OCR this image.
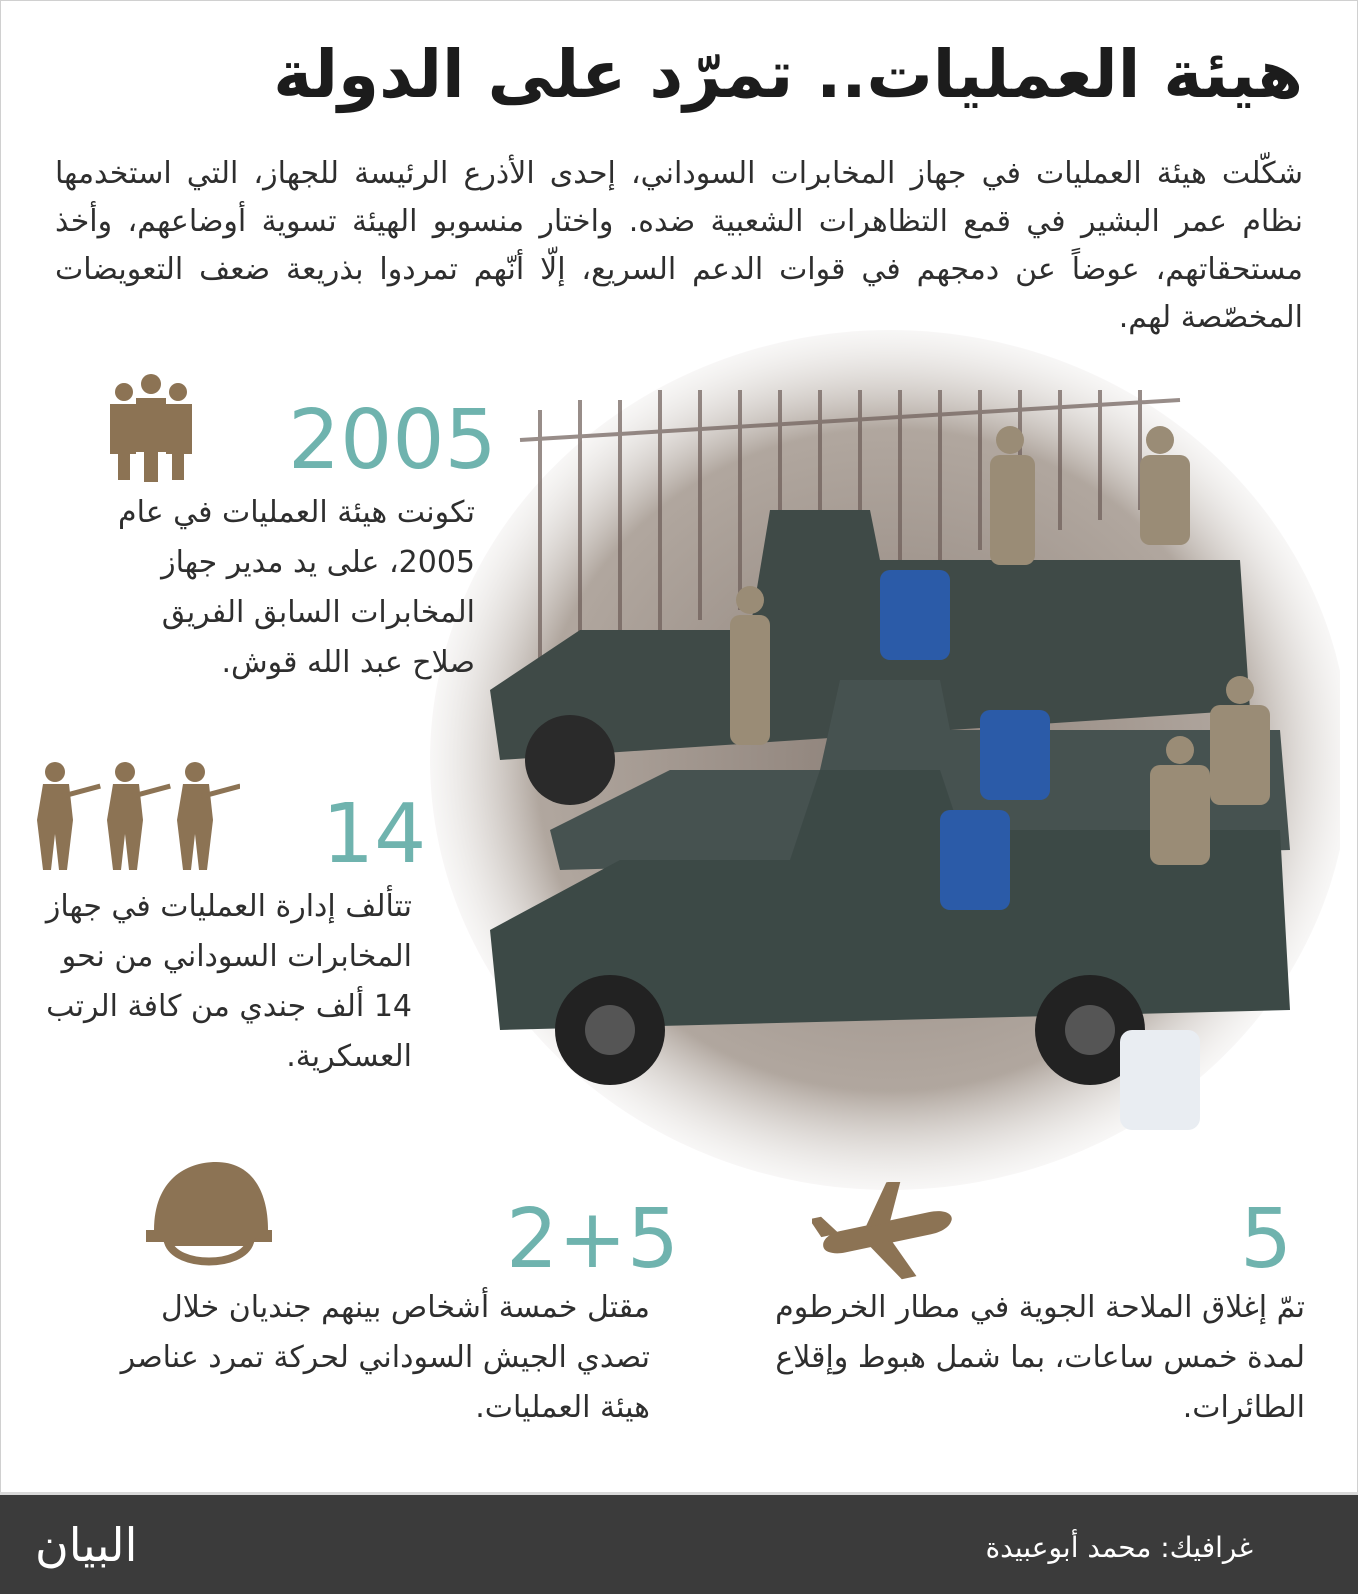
هيئة العمليات.. تمرّد على الدولة
شكّلت هيئة العمليات في جهاز المخابرات السوداني، إحدى الأذرع الرئيسة للجهاز، التي استخدمها نظام عمر البشير في قمع التظاهرات الشعبية ضده. واختار منسوبو الهيئة تسوية أوضاعهم، وأخذ مستحقاتهم، عوضاً عن دمجهم في قوات الدعم السريع، إلّا أنّهم تمردوا بذريعة ضعف التعويضات المخصّصة لهم.
2005
تكونت هيئة العمليات في عام 2005، على يد مدير جهاز المخابرات السابق الفريق صلاح عبد الله قوش.
14
تتألف إدارة العمليات في جهاز المخابرات السوداني من نحو 14 ألف جندي من كافة الرتب العسكرية.
2+5
مقتل خمسة أشخاص بينهم جنديان خلال تصدي الجيش السوداني لحركة تمرد عناصر هيئة العمليات.
5
تمّ إغلاق الملاحة الجوية في مطار الخرطوم لمدة خمس ساعات، بما شمل هبوط وإقلاع الطائرات.
غرافيك: محمد أبوعبيدة
البيان
